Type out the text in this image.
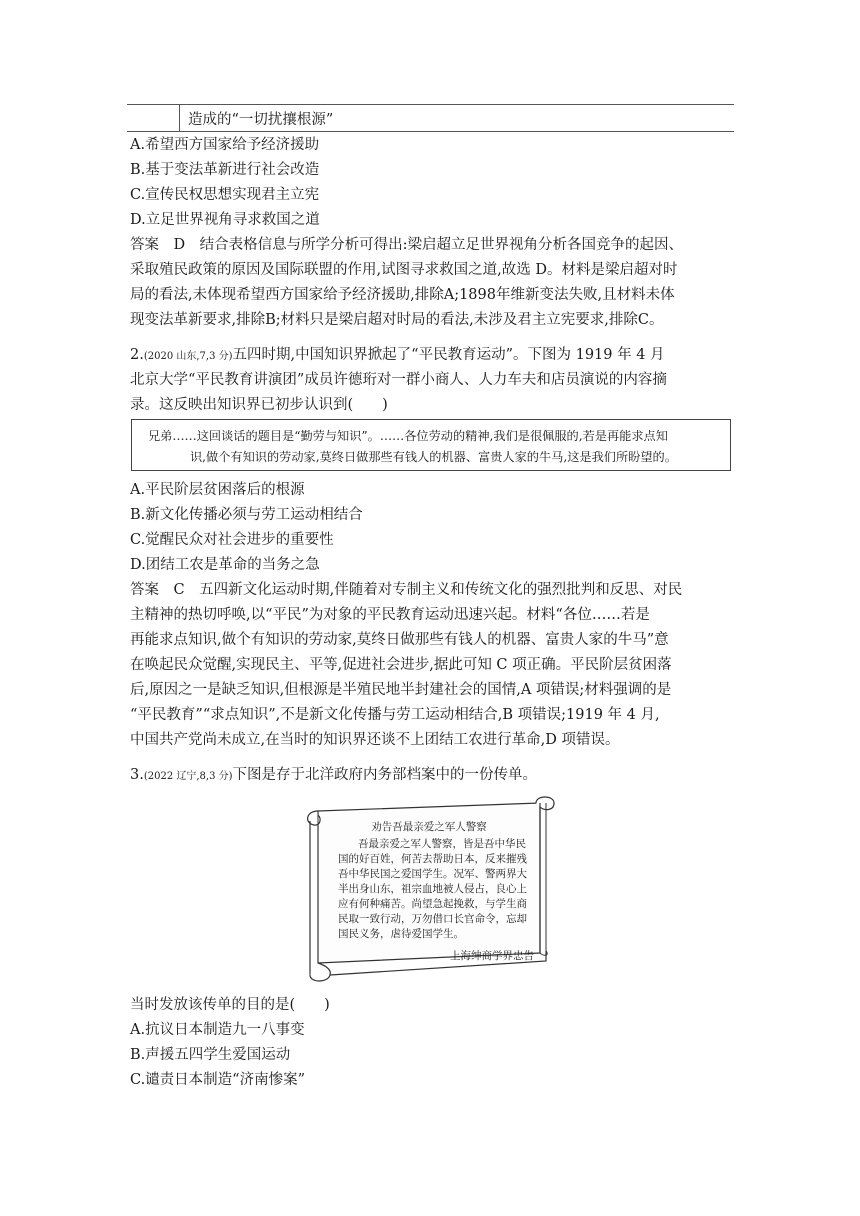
造成的“一切扰攘根源”
A.希望西方国家给予经济援助
B.基于变法革新进行社会改造
C.宣传民权思想实现君主立宪
D.立足世界视角寻求救国之道
答案　D　结合表格信息与所学分析可得出:梁启超立足世界视角分析各国竞争的起因、
采取殖民政策的原因及国际联盟的作用,试图寻求救国之道,故选 D。材料是梁启超对时
局的看法,未体现希望西方国家给予经济援助,排除A;1898年维新变法失败,且材料未体
现变法革新要求,排除B;材料只是梁启超对时局的看法,未涉及君主立宪要求,排除C。
2.(2020 山东,7,3 分)五四时期,中国知识界掀起了“平民教育运动”。下图为 1919 年 4 月
北京大学“平民教育讲演团”成员许德珩对一群小商人、人力车夫和店员演说的内容摘
录。这反映出知识界已初步认识到(　　)
兄弟……这回谈话的题目是“勤劳与知识”。……各位劳动的精神,我们是很佩服的,若是再能求点知
识,做个有知识的劳动家,莫终日做那些有钱人的机器、富贵人家的牛马,这是我们所盼望的。
A.平民阶层贫困落后的根源
B.新文化传播必须与劳工运动相结合
C.觉醒民众对社会进步的重要性
D.团结工农是革命的当务之急
答案　C　五四新文化运动时期,伴随着对专制主义和传统文化的强烈批判和反思、对民
主精神的热切呼唤,以“平民”为对象的平民教育运动迅速兴起。材料“各位……若是
再能求点知识,做个有知识的劳动家,莫终日做那些有钱人的机器、富贵人家的牛马”意
在唤起民众觉醒,实现民主、平等,促进社会进步,据此可知 C 项正确。平民阶层贫困落
后,原因之一是缺乏知识,但根源是半殖民地半封建社会的国情,A 项错误;材料强调的是
“平民教育”“求点知识”,不是新文化传播与劳工运动相结合,B 项错误;1919 年 4 月,
中国共产党尚未成立,在当时的知识界还谈不上团结工农进行革命,D 项错误。
3.(2022 辽宁,8,3 分)下图是存于北洋政府内务部档案中的一份传单。
劝告吾最亲爱之军人警察
吾最亲爱之军人警察，皆是吾中华民
国的好百姓，何苦去帮助日本，反来摧残
吾中华民国之爱国学生。况军、警两界大
半出身山东，祖宗血地被人侵占，良心上
应有何种痛苦。尚望急起挽救，与学生商
民取一致行动，万勿借口长官命令，忘却
国民义务，虐待爱国学生。
上海绅商学界忠告
当时发放该传单的目的是(　　)
A.抗议日本制造九一八事变
B.声援五四学生爱国运动
C.谴责日本制造“济南惨案”
